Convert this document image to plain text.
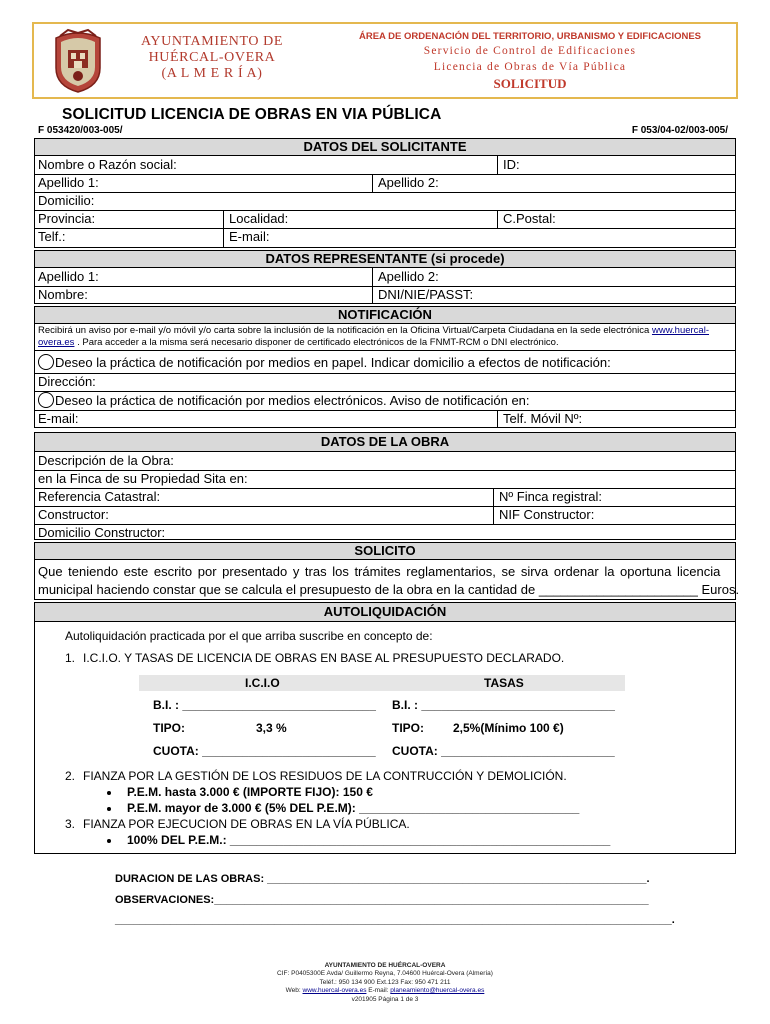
AYUNTAMIENTO DE
HUÉRCAL-OVERA
(A L M E R Í A)
ÁREA DE ORDENACIÓN DEL TERRITORIO, URBANISMO Y EDIFICACIONES
Servicio de Control de Edificaciones
Licencia de Obras de Vía Pública
SOLICITUD
SOLICITUD LICENCIA DE OBRAS EN VIA PÚBLICA
F 053420/003-005/	F 053/04-02/003-005/
DATOS DEL SOLICITANTE
Nombre o Razón social:	ID:
Apellido 1:	Apellido 2:
Domicilio:
Provincia:	Localidad:	C.Postal:
Telf.:	E-mail:
DATOS REPRESENTANTE (si procede)
Apellido 1:	Apellido 2:
Nombre:	DNI/NIE/PASST:
NOTIFICACIÓN
Recibirá un aviso por e-mail y/o móvil y/o carta sobre la inclusión de la notificación en la Oficina Virtual/Carpeta Ciudadana en la sede electrónica www.huercal-
overa.es . Para acceder a la misma será necesario disponer de certificado electrónicos de la FNMT-RCM o DNI electrónico.
Deseo la práctica de notificación por medios en papel. Indicar domicilio a efectos de notificación:
Dirección:
Deseo la práctica de notificación por medios electrónicos. Aviso de notificación en:
E-mail:	Telf. Móvil Nº:
DATOS DE LA OBRA
Descripción de la Obra:
en la Finca de su Propiedad Sita en:
Referencia Catastral:	Nº Finca registral:
Constructor:	NIF Constructor:
Domicilio Constructor:
SOLICITO
Que teniendo este escrito por presentado y tras los trámites reglamentarios, se sirva ordenar la oportuna licencia
municipal haciendo constar que se calcula el presupuesto de la obra en la cantidad de ______________________ Euros.
AUTOLIQUIDACIÓN
Autoliquidación practicada por el que arriba suscribe en concepto de:
1. I.C.I.O. Y TASAS DE LICENCIA DE OBRAS EN BASE AL PRESUPUESTO DECLARADO.
I.C.I.O	TASAS
B.I. : _____________________________ B.I. : _____________________________
TIPO:	3,3 %	TIPO: 2,5%(Mínimo 100 €)
CUOTA: __________________________ CUOTA: __________________________
2. FIANZA POR LA GESTIÓN DE LOS RESIDUOS DE LA CONTRUCCIÓN Y DEMOLICIÓN.
P.E.M. hasta 3.000 € (IMPORTE FIJO): 150 €
P.E.M. mayor de 3.000 € (5% DEL P.E.M): _________________________________
3. FIANZA POR EJECUCION DE OBRAS EN LA VÍA PÚBLICA.
100% DEL P.E.M.: _________________________________________________________
DURACION DE LAS OBRAS: ______________________________________________________________.
OBSERVACIONES:_______________________________________________________________________
___________________________________________________________________________________________.
AYUNTAMIENTO DE HUÉRCAL-OVERA
CIF: P0405300E Avda/ Guillermo Reyna, 7.04600 Huércal-Overa (Almería)
Teléf.: 950 134 900 Ext.123 Fax: 950 471 211
Web: www.huercal-overa.es E-mail: planeamiento@huercal-overa.es
v201905 Página 1 de 3
